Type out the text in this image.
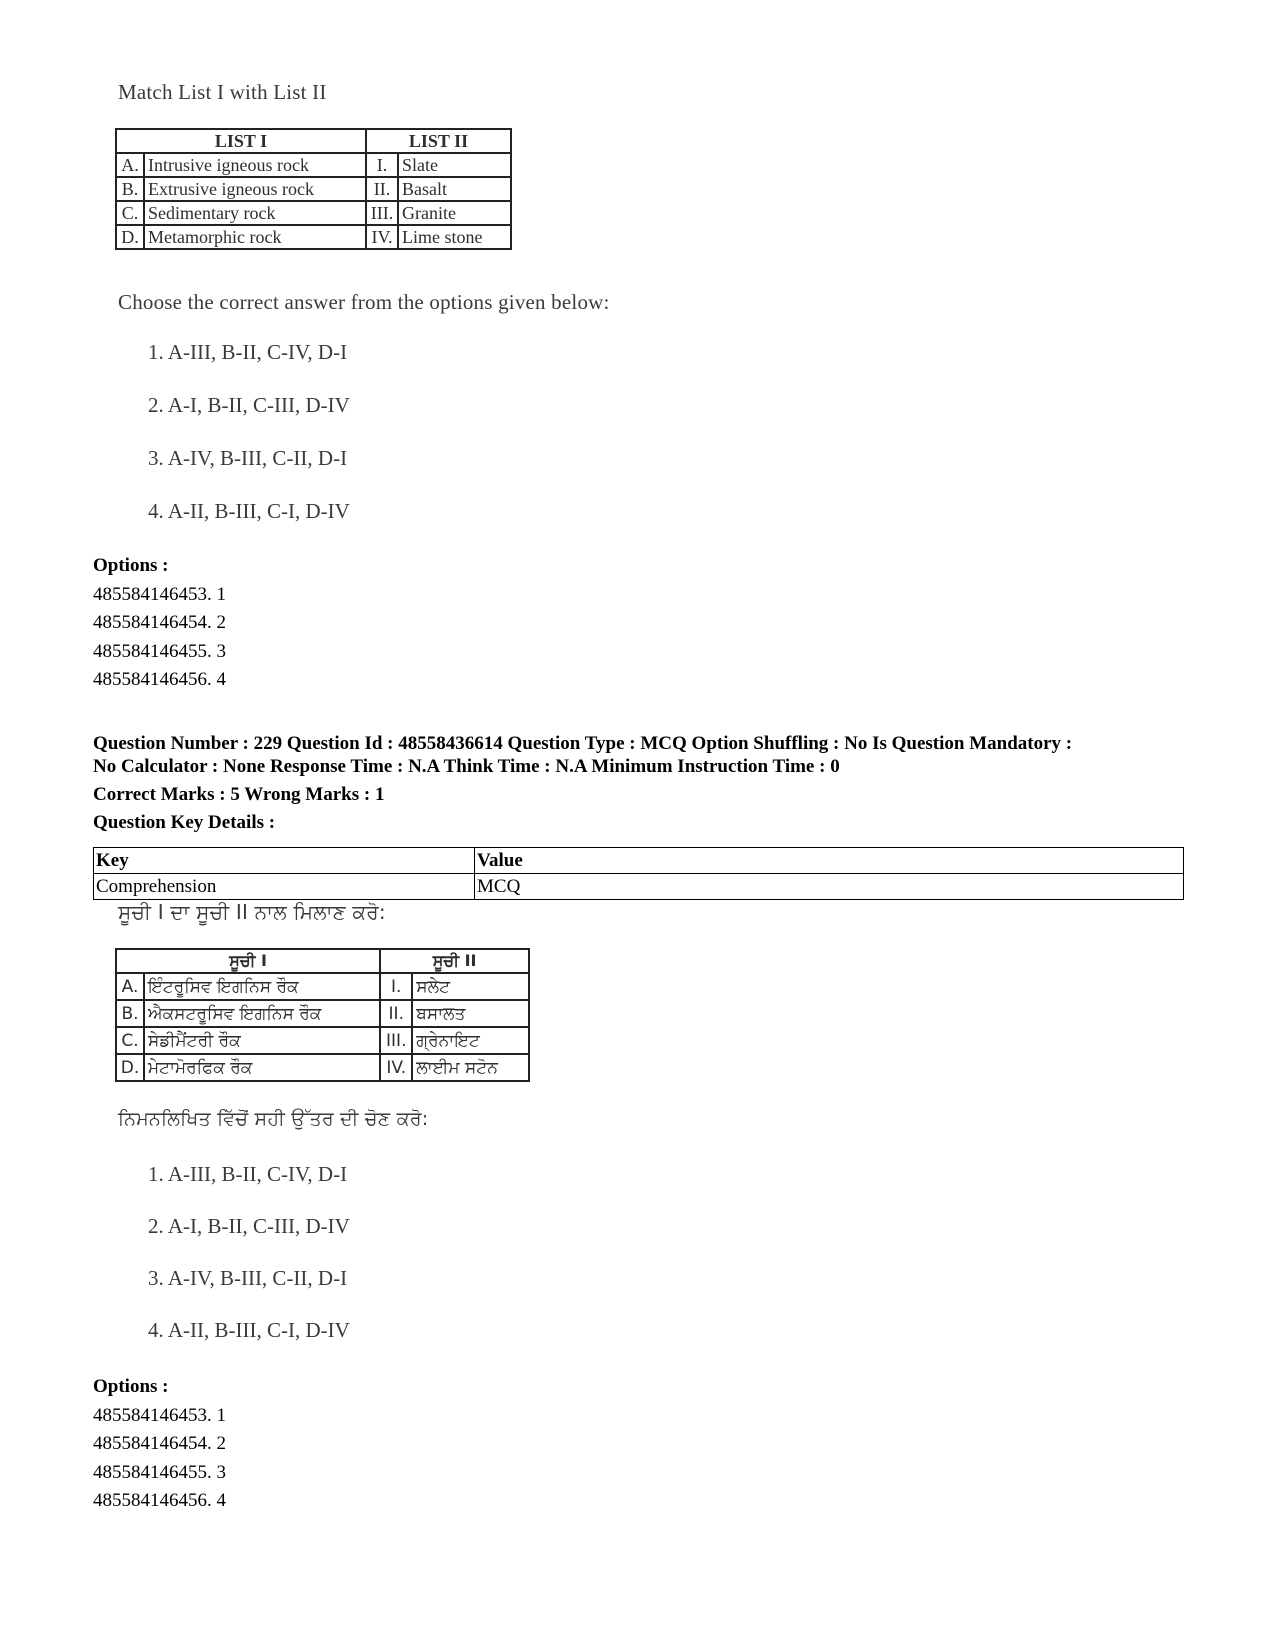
Match List I with List II
LIST I		LIST II	
A.	Intrusive igneous rock	I.	Slate
B.	Extrusive igneous rock	II.	Basalt
C.	Sedimentary rock	III.	Granite
D.	Metamorphic rock	IV.	Lime stone
Choose the correct answer from the options given below:
1. A-III, B-II, C-IV, D-I
2. A-I, B-II, C-III, D-IV
3. A-IV, B-III, C-II, D-I
4. A-II, B-III, C-I, D-IV
Options :
485584146453. 1
485584146454. 2
485584146455. 3
485584146456. 4
Question Number : 229 Question Id : 48558436614 Question Type : MCQ Option Shuffling : No Is Question Mandatory :
No Calculator : None Response Time : N.A Think Time : N.A Minimum Instruction Time : 0
Correct Marks : 5 Wrong Marks : 1
Question Key Details :
Key	Value
Comprehension	MCQ
ਸੂਚੀ I ਦਾ ਸੂਚੀ II ਨਾਲ ਮਿਲਾਣ ਕਰੋ:
ਸੂਚੀ I		ਸੂਚੀ II	
A.	ਇੰਟਰੂਸਿਵ ਇਗਨਿਸ ਰੌਕ	I.	ਸਲੇਟ
B.	ਐਕਸਟਰੂਸਿਵ ਇਗਨਿਸ ਰੌਕ	II.	ਬਸਾਲਤ
C.	ਸੇਡੀਮੈਂਟਰੀ ਰੌਕ	III.	ਗ੍ਰੇਨਾਇਟ
D.	ਮੇਟਾਮੋਰਫਿਕ ਰੌਕ	IV.	ਲਾਈਮ ਸਟੋਨ
ਨਿਮਨਲਿਖਿਤ ਵਿੱਚੋਂ ਸਹੀ ਉੱਤਰ ਦੀ ਚੋਣ ਕਰੋ:
1. A-III, B-II, C-IV, D-I
2. A-I, B-II, C-III, D-IV
3. A-IV, B-III, C-II, D-I
4. A-II, B-III, C-I, D-IV
Options :
485584146453. 1
485584146454. 2
485584146455. 3
485584146456. 4
